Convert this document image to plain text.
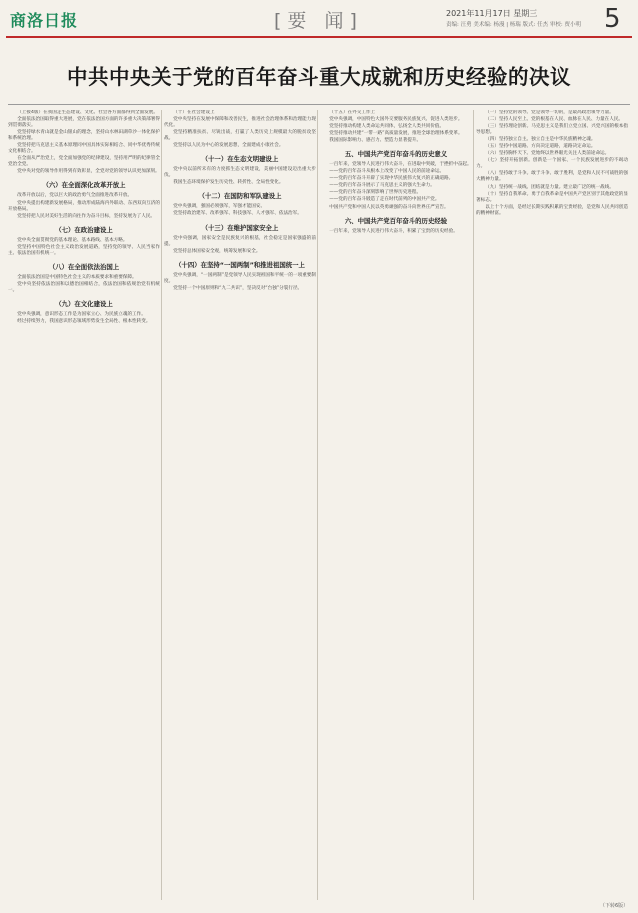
商洛日报	[要 闻]	2021年11月17日 星期三
责编: 汪勇 美术编: 杨漫 | 杨瑞 版式: 任杰 审校: 贾小明 5
中共中央关于党的百年奋斗重大成就和历史经验的决议
（上接4版）在我国走生态建设、文化、社会各方面都得到全面发展。
全面依法治国取得重大进展，党在依法治国方面的许多重大决策部署得到贯彻落实。
党坚持绿水青山就是金山银山的理念，坚持山水林田湖草沙一体化保护和系统治理。
党坚持把马克思主义基本原理同中国具体实际相结合、同中华优秀传统文化相结合。
在全面从严治党上，党全面加强党的纪律建设，坚持用严明的纪律管全党治全党。
党中央对党的领导作用得到有效彰显，全党对党的领导认识更加深刻。
（六）在全面深化改革开放上
改革开放以后，党以巨大的政治勇气全面推进改革开放。
党中央提出构建新发展格局，推动形成陆海内外联动、东西双向互济的开放格局。
党坚持把人民对美好生活的向往作为奋斗目标，坚持发展为了人民。
（七）在政治建设上
党中央全面贯彻党的基本理论、基本路线、基本方略。
党坚持中国特色社会主义政治发展道路，坚持党的领导、人民当家作主、依法治国有机统一。
（八）在全面依法治国上
全面依法治国是中国特色社会主义的本质要求和重要保障。
党中央坚持依法治国和以德治国相结合，依法治国和依规治党有机统一。
（九）在文化建设上
党中央强调，意识形态工作是为国家立心、为民族立魂的工作。
经过持续努力，我国意识形态领域形势发生全局性、根本性转变。
（十）在社会建设上
党中央坚持在发展中保障和改善民生，推进社会治理体系和治理能力现代化。
党坚持精准扶贫、尽锐出战，打赢了人类历史上规模最大的脱贫攻坚战。
党坚持以人民为中心的发展思想，全面建成小康社会。
（十一）在生态文明建设上
党中央以前所未有的力度抓生态文明建设，美丽中国建设迈出重大步伐。
我国生态环境保护发生历史性、转折性、全局性变化。
（十二）在国防和军队建设上
党中央强调，强国必须强军，军强才能国安。
党坚持政治建军、改革强军、科技强军、人才强军、依法治军。
（十三）在维护国家安全上
党中央强调，国家安全是民族复兴的根基，社会稳定是国家强盛的前提。
党坚持总体国家安全观，统筹发展和安全。
（十四）在坚持“一国两制”和推进祖国统一上
党中央强调，“一国两制”是党领导人民实现祖国和平统一的一项重要制度。
党坚持一个中国原则和“九二共识”，坚决反对“台独”分裂行径。
（十五）在外交工作上
党中央强调，中国特色大国外交要服务民族复兴、促进人类进步。
党坚持推动构建人类命运共同体，弘扬全人类共同价值。
党坚持推动共建“一带一路”高质量发展，推进全球治理体系变革。
我国国际影响力、感召力、塑造力显著提升。
五、中国共产党百年奋斗的历史意义
一百年来，党领导人民进行伟大奋斗，在进取中突破，于挫折中奋起。
——党的百年奋斗从根本上改变了中国人民的前途命运。
——党的百年奋斗开辟了实现中华民族伟大复兴的正确道路。
——党的百年奋斗展示了马克思主义的强大生命力。
——党的百年奋斗深刻影响了世界历史进程。
——党的百年奋斗锻造了走在时代前列的中国共产党。
中国共产党和中国人民以英勇顽强的奋斗向世界庄严宣告。
六、中国共产党百年奋斗的历史经验
一百年来，党领导人民进行伟大奋斗，积累了宝贵的历史经验。
（一）坚持党的领导。党是领导一切的，是最高政治领导力量。
（二）坚持人民至上。党的根基在人民、血脉在人民、力量在人民。
（三）坚持理论创新。马克思主义是我们立党立国、兴党兴国的根本指导思想。
（四）坚持独立自主。独立自主是中华民族精神之魂。
（五）坚持中国道路。方向决定道路，道路决定命运。
（六）坚持胸怀天下。党始终以世界眼光关注人类前途命运。
（七）坚持开拓创新。创新是一个国家、一个民族发展进步的不竭动力。
（八）坚持敢于斗争。敢于斗争、敢于胜利，是党和人民不可战胜的强大精神力量。
（九）坚持统一战线。团结就是力量。建立最广泛的统一战线。
（十）坚持自我革命。勇于自我革命是中国共产党区别于其他政党的显著标志。
以上十个方面，是经过长期实践积累的宝贵经验，是党和人民共同创造的精神财富。
（下转6版）
